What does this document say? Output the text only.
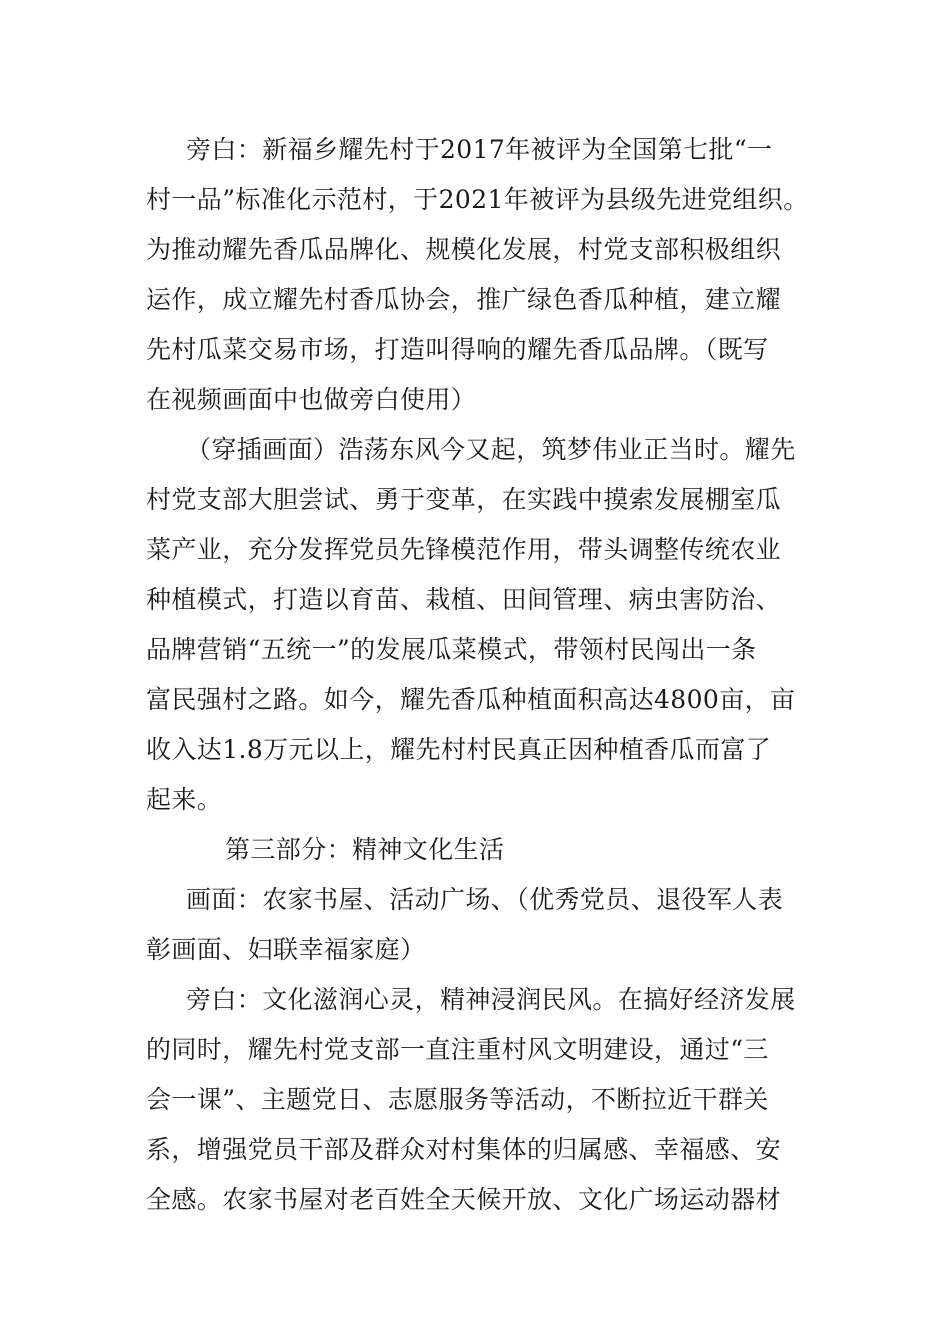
旁白：新福乡耀先村于2017年被评为全国第七批“一

村一品”标准化示范村，于2021年被评为县级先进党组织。

为推动耀先香瓜品牌化、规模化发展，村党支部积极组织

运作，成立耀先村香瓜协会，推广绿色香瓜种植，建立耀

先村瓜菜交易市场，打造叫得响的耀先香瓜品牌。（既写

在视频画面中也做旁白使用）

（穿插画面）浩荡东风今又起，筑梦伟业正当时。耀先

村党支部大胆尝试、勇于变革，在实践中摸索发展棚室瓜

菜产业，充分发挥党员先锋模范作用，带头调整传统农业

种植模式，打造以育苗、栽植、田间管理、病虫害防治、

品牌营销“五统一”的发展瓜菜模式，带领村民闯出一条

富民强村之路。如今，耀先香瓜种植面积高达4800亩，亩

收入达1.8万元以上，耀先村村民真正因种植香瓜而富了

起来。

第三部分：精神文化生活

画面：农家书屋、活动广场、（优秀党员、退役军人表

彰画面、妇联幸福家庭）

旁白：文化滋润心灵，精神浸润民风。在搞好经济发展

的同时，耀先村党支部一直注重村风文明建设，通过“三

会一课”、主题党日、志愿服务等活动，不断拉近干群关

系，增强党员干部及群众对村集体的归属感、幸福感、安

全感。农家书屋对老百姓全天候开放、文化广场运动器材
